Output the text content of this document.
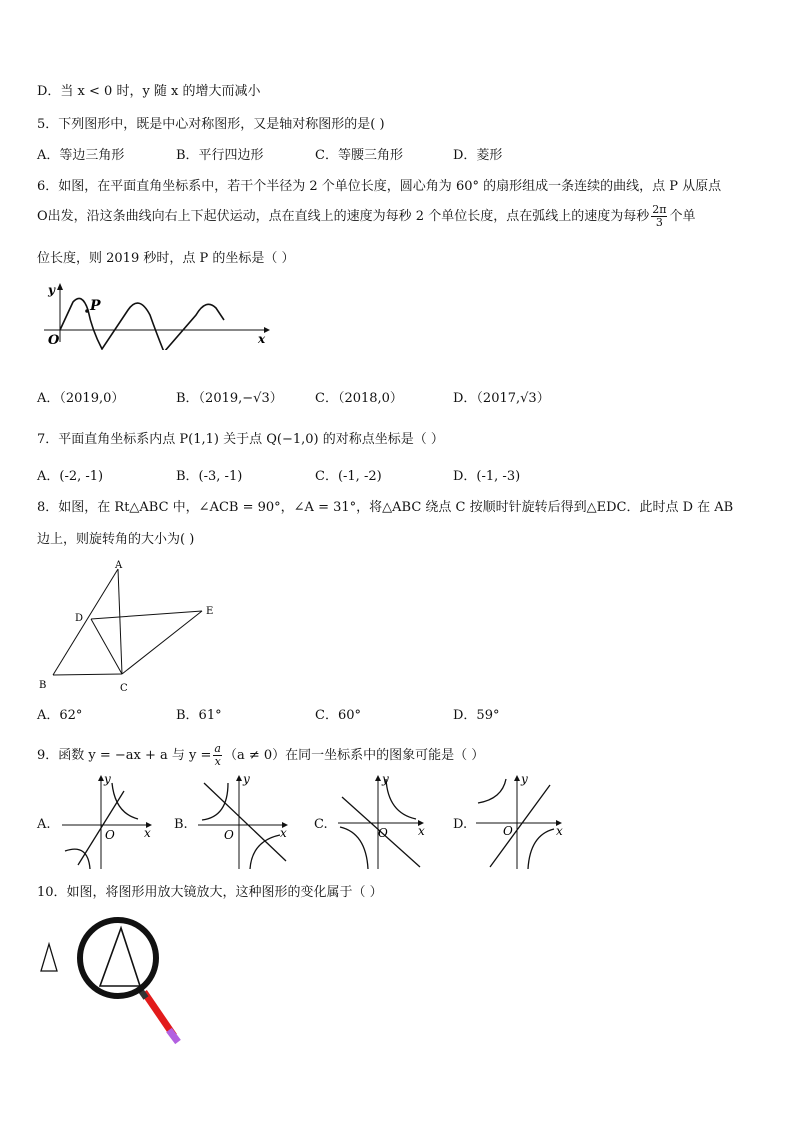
D．当 x < 0 时，y 随 x 的增大而减小
5．下列图形中，既是中心对称图形，又是轴对称图形的是( )
A．等边三角形	B．平行四边形	C．等腰三角形	D．菱形
6．如图，在平面直角坐标系中，若干个半径为 2 个单位长度，圆心角为 60° 的扇形组成一条连续的曲线，点 P 从原点
O出发，沿这条曲线向右上下起伏运动，点在直线上的速度为每秒 2 个单位长度，点在弧线上的速度为每秒 $\frac{2\pi}{3}$ 个单
位长度，则 2019 秒时，点 P 的坐标是（ ）
y
P
O	x
A．（2019,0）	B．（2019,−√3） C．（2018,0）	D．（2017,√3）
7．平面直角坐标系内点 P(1,1) 关于点 Q(−1,0) 的对称点坐标是（ ）
A．(-2, -1)	B．(-3, -1)	C．(-1, -2)	D．(-1, -3)
8．如图，在 Rt△ABC 中，∠ACB = 90°，∠A = 31°，将△ABC 绕点 C 按顺时针旋转后得到△EDC．此时点 D 在 AB
边上，则旋转角的大小为( )
A
D
E
B	C
A．62°	B．61°	C．60°	D．59°
9．函数 y = −ax + a 与 $y = \frac{a}{x} (a \ne 0)$在同一坐标系中的图象可能是（ ）
A.
y
O x
B.
y
O	x
C.
y
O	x D.
y
O	x
10．如图，将图形用放大镜放大，这种图形的变化属于（ ）
